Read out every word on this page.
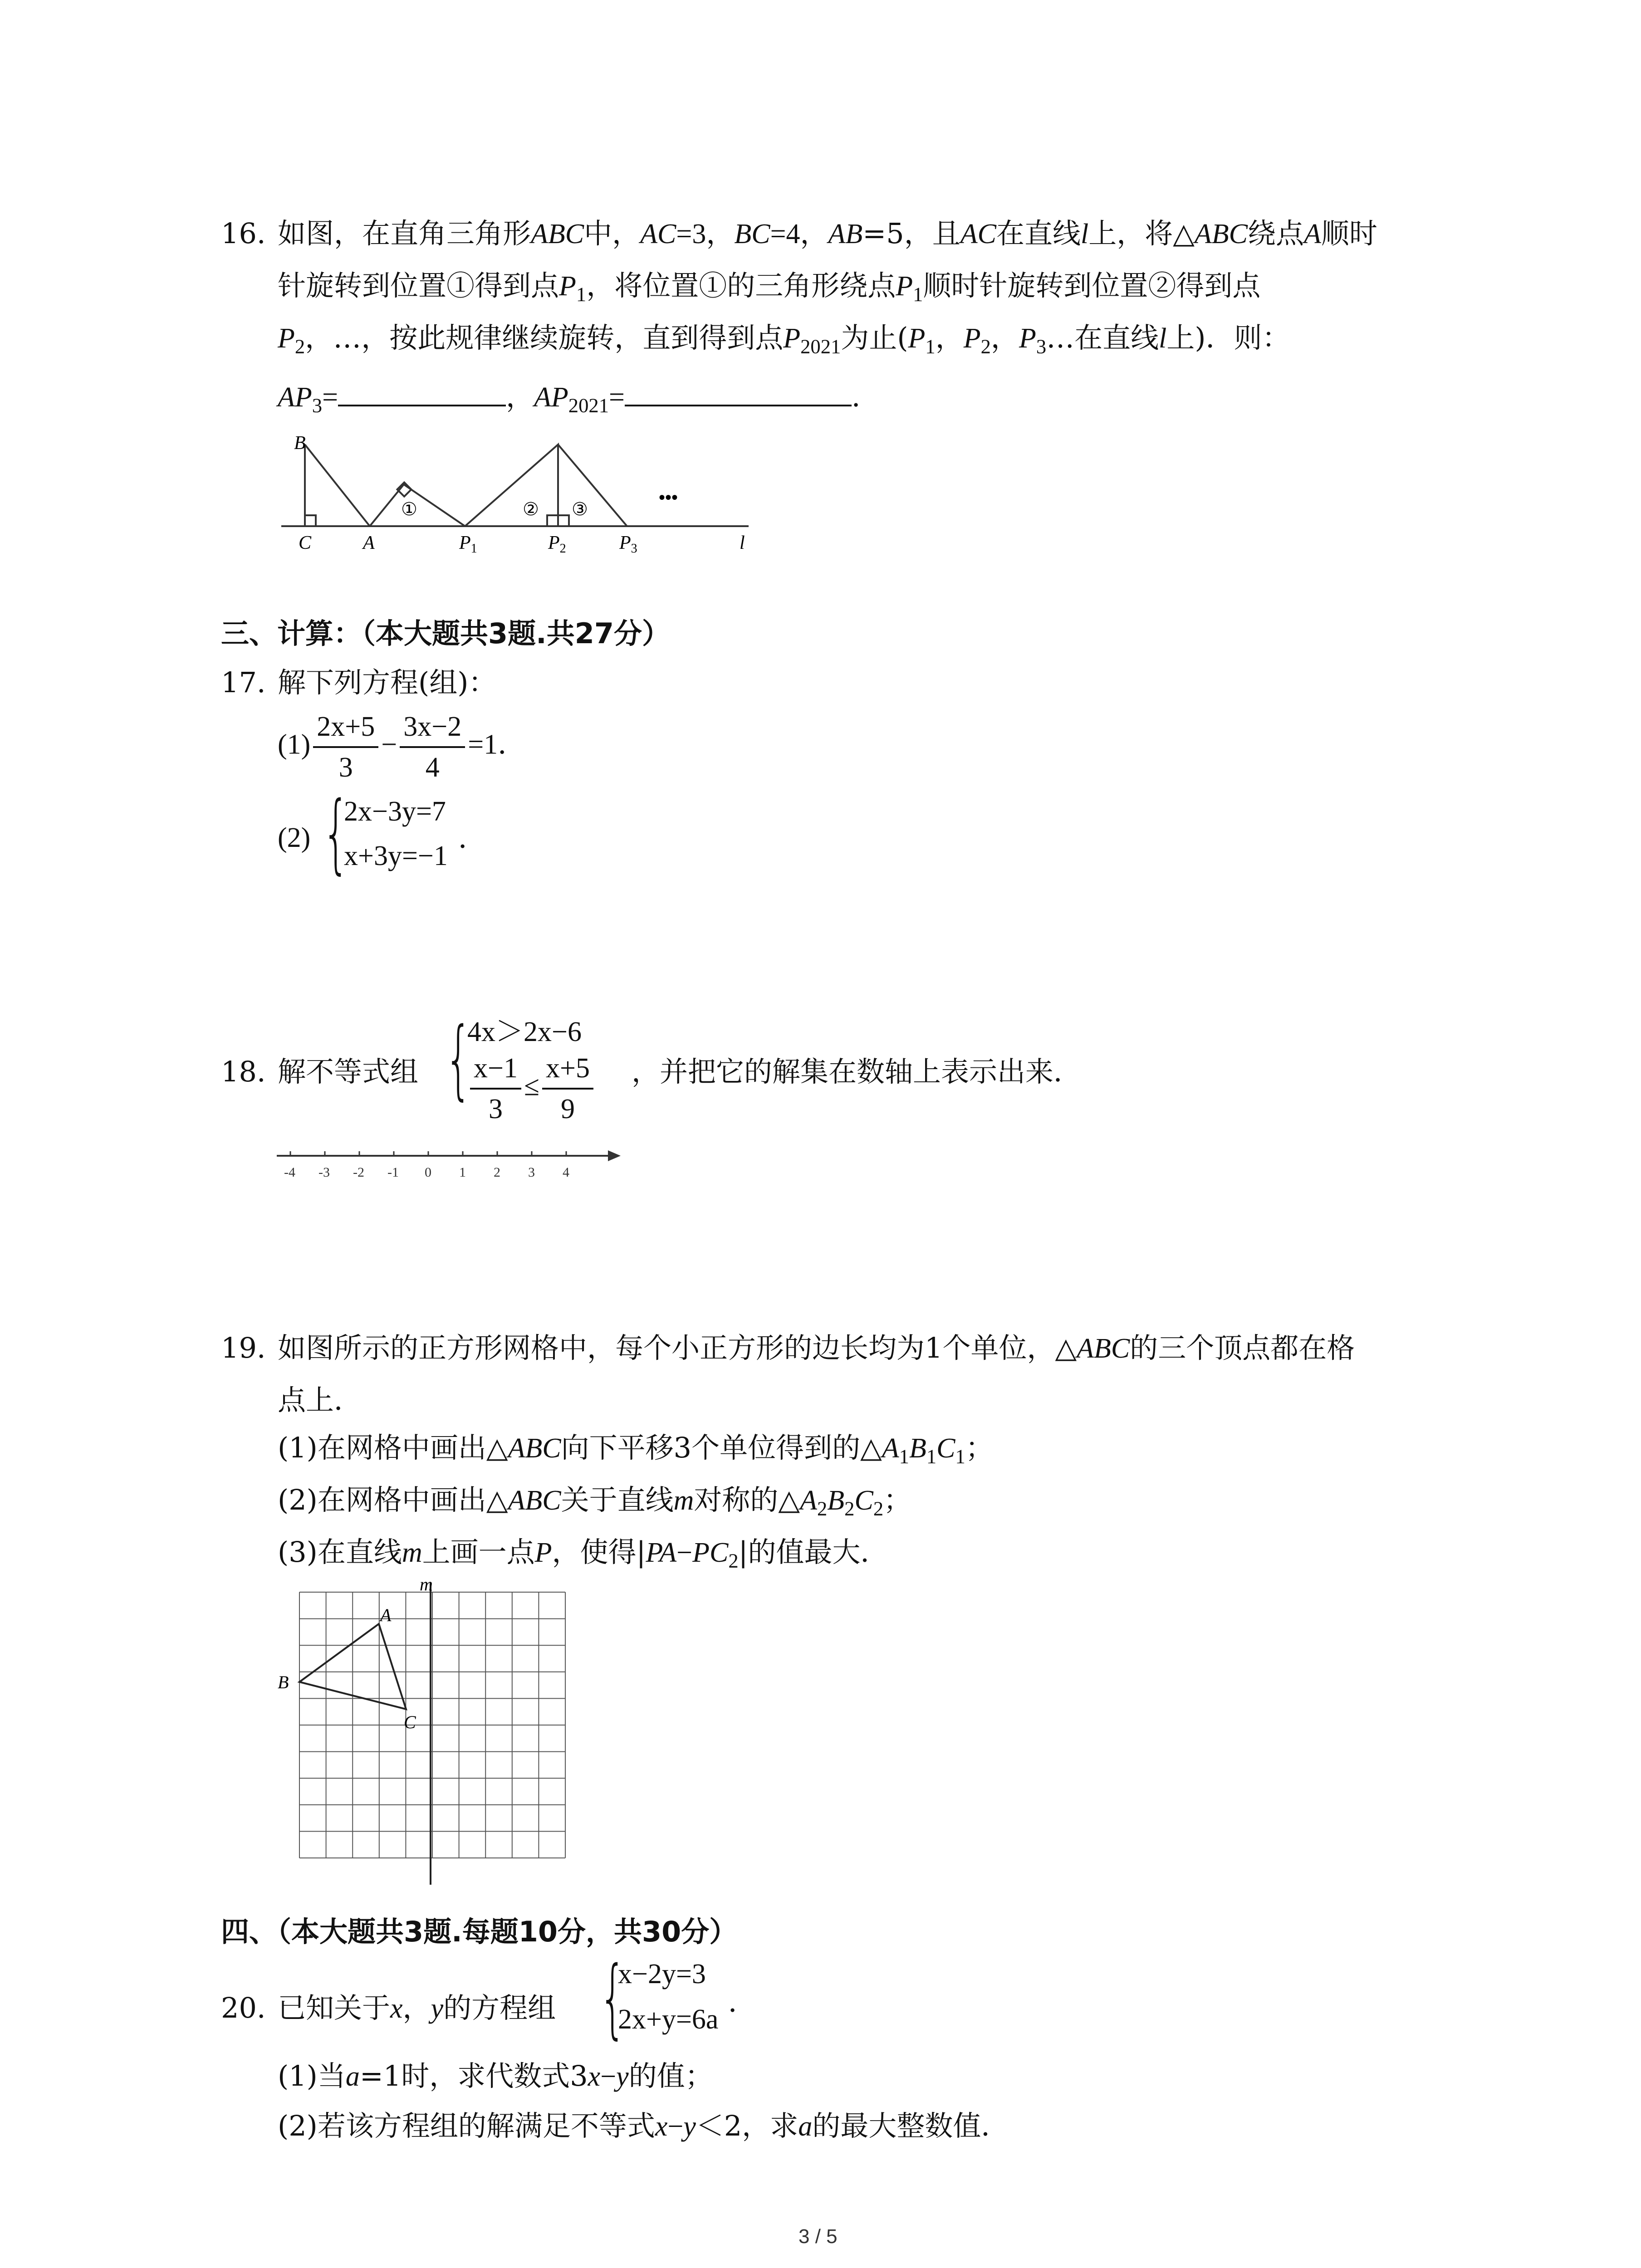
16. 如图，在直角三角形ABC中，AC=3，BC=4，AB=5，且AC在直线l上，将△ABC绕点A顺时
针旋转到位置①得到点$P_1$，将位置①的三角形绕点$P_1$顺时针旋转到位置②得到点
$P_2$，…，按此规律继续旋转，直到得到点$P_{2021}$为止($P_1$，$P_2$，$P_3\dots$在直线l上)．则：
$AP_3=$	，$AP_{2021}=$	．
B
C	A	P1	P2	P3	l
①	② ③
•••
三、计算：（本大题共3题.共27分）
17. 解下列方程(组)：
$(1) \frac{2x+5}{3} - \frac{3x-2}{4} =1$．
(2) {
2x−3y=7
x+3y=−1
．
18. 解不等式组 {
4x＞2x−6
$\frac{x-1}{3} \le \frac{x+5}{9}$ ，并把它的解集在数轴上表示出来．
-4 -3 -2 -1 0 1 2 3 4
19. 如图所示的正方形网格中，每个小正方形的边长均为1个单位，△ABC的三个顶点都在格
点上．
(1)在网格中画出△ABC向下平移3个单位得到的$\triangle A_1B_1C_1$；
(2)在网格中画出△ABC关于直线m对称的$\triangle A_2B_2C_2$；
(3)在直线m上画一点P，使得$|PA-PC_2|$的值最大．
m
A
B
C
四、（本大题共3题.每题10分，共30分）
20. 已知关于x，y的方程组 {
x−2y=3
2x+y=6a
．
(1)当a=1时，求代数式3x−y的值；
(2)若该方程组的解满足不等式x−y＜2，求a的最大整数值．
3 / 5
